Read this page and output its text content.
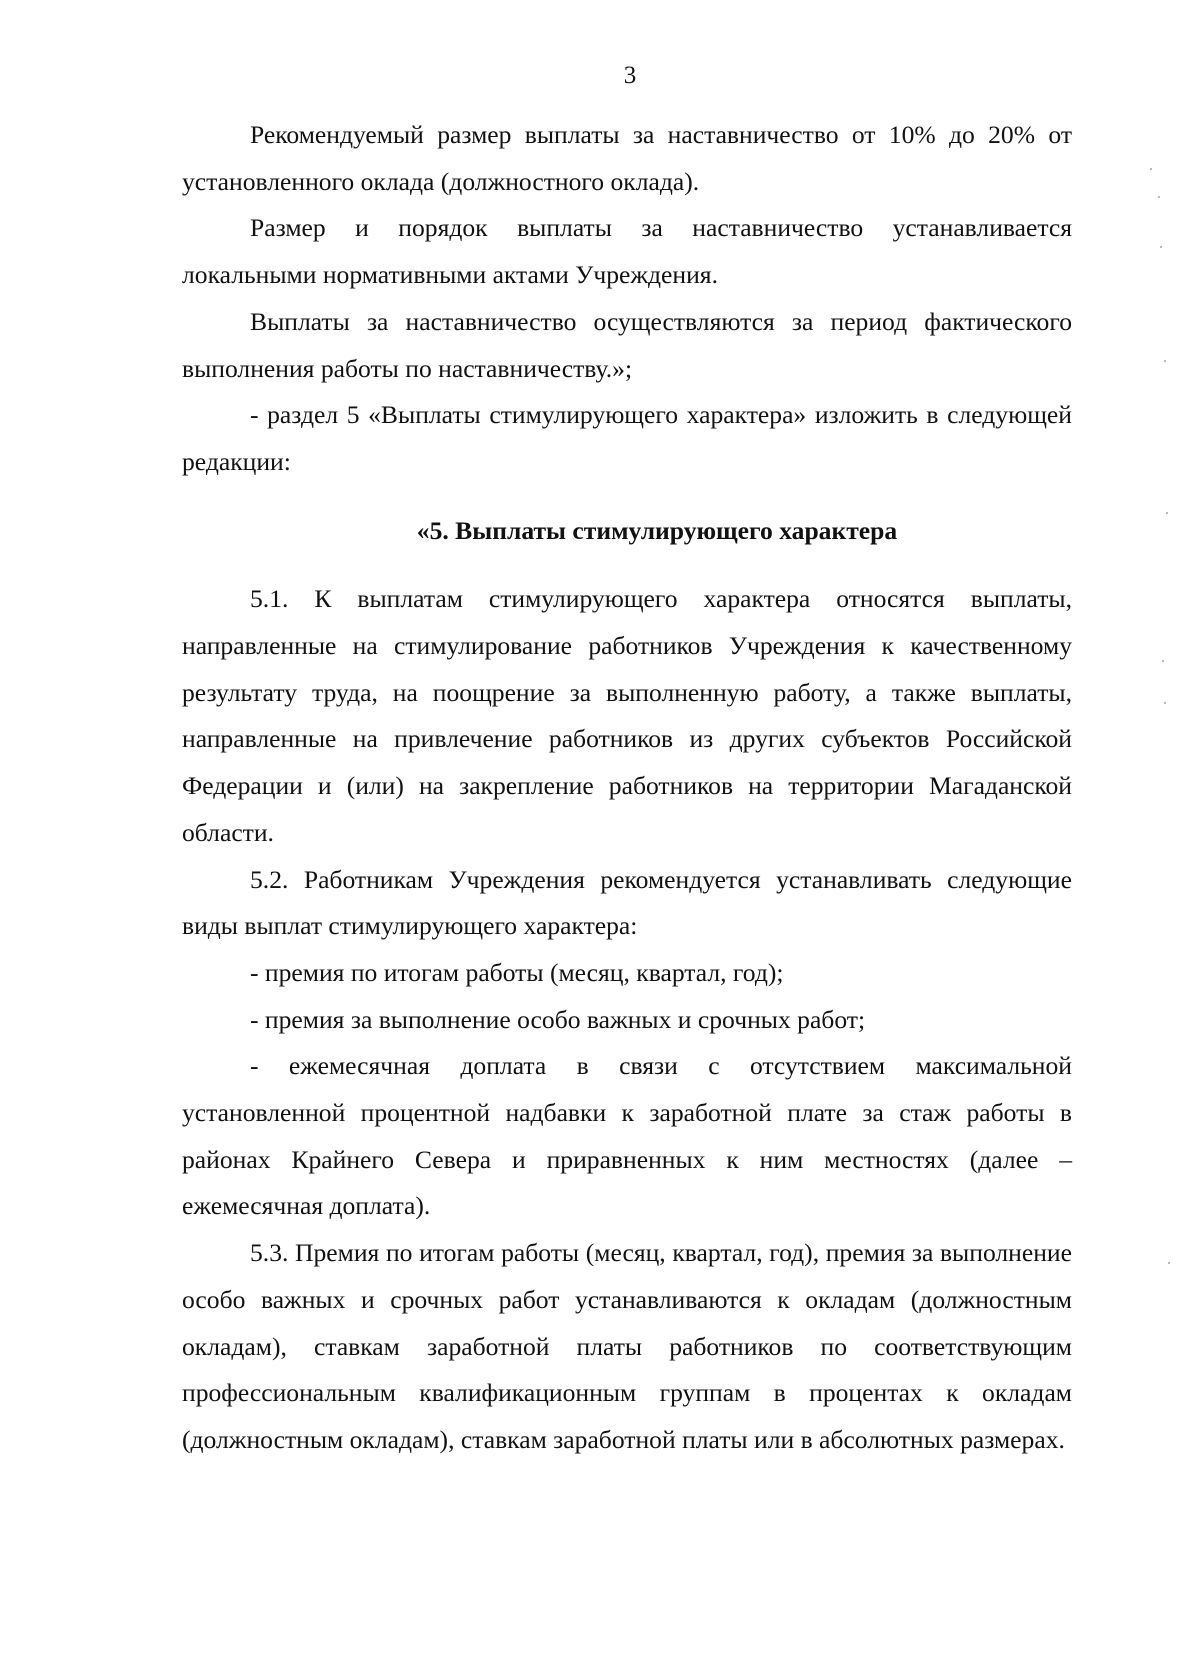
3

Рекомендуемый размер выплаты за наставничество от 10% до 20% от установленного оклада (должностного оклада).

Размер и порядок выплаты за наставничество устанавливается локальными нормативными актами Учреждения.

Выплаты за наставничество осуществляются за период фактического выполнения работы по наставничеству.»;

- раздел 5 «Выплаты стимулирующего характера» изложить в следующей редакции:

«5. Выплаты стимулирующего характера

5.1. К выплатам стимулирующего характера относятся выплаты, направленные на стимулирование работников Учреждения к качественному результату труда, на поощрение за выполненную работу, а также выплаты, направленные на привлечение работников из других субъектов Российской Федерации и (или) на закрепление работников на территории Магаданской области.

5.2. Работникам Учреждения рекомендуется устанавливать следующие виды выплат стимулирующего характера:

- премия по итогам работы (месяц, квартал, год);

- премия за выполнение особо важных и срочных работ;

- ежемесячная доплата в связи с отсутствием максимальной установленной процентной надбавки к заработной плате за стаж работы в районах Крайнего Севера и приравненных к ним местностях (далее – ежемесячная доплата).

5.3. Премия по итогам работы (месяц, квартал, год), премия за выполнение особо важных и срочных работ устанавливаются к окладам (должностным окладам), ставкам заработной платы работников по соответствующим профессиональным квалификационным группам в процентах к окладам (должностным окладам), ставкам заработной платы или в абсолютных размерах.
